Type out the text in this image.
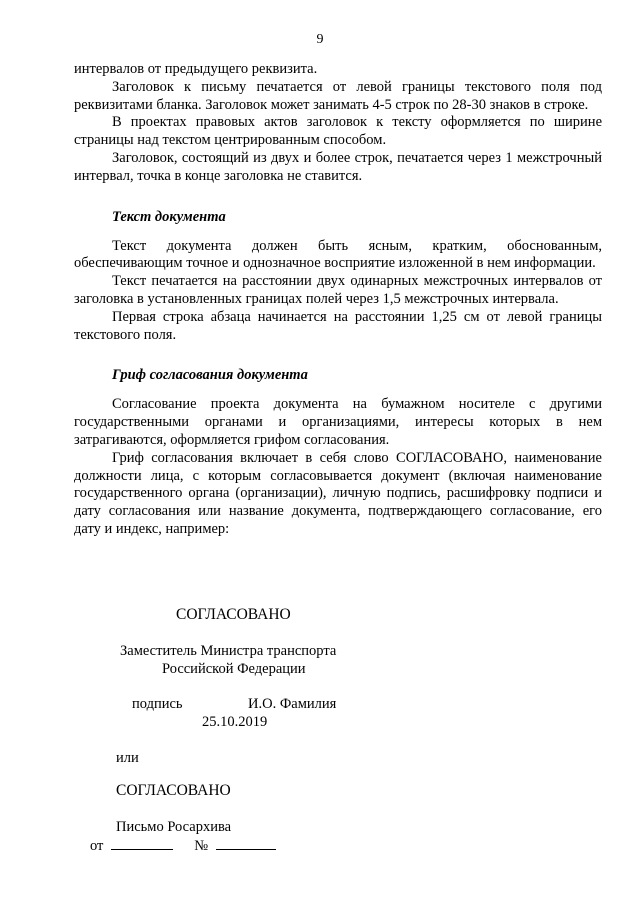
9

интервалов от предыдущего реквизита.

Заголовок к письму печатается от левой границы текстового поля под реквизитами бланка. Заголовок может занимать 4-5 строк по 28-30 знаков в строке.

В проектах правовых актов заголовок к тексту оформляется по ширине страницы над текстом центрированным способом.

Заголовок, состоящий из двух и более строк, печатается через 1 межстрочный интервал, точка в конце заголовка не ставится.

Текст документа

Текст документа должен быть ясным, кратким, обоснованным, обеспечивающим точное и однозначное восприятие изложенной в нем информации.

Текст печатается на расстоянии двух одинарных межстрочных интервалов от заголовка в установленных границах полей через 1,5 межстрочных интервала.

Первая строка абзаца начинается на расстоянии 1,25 см от левой границы текстового поля.

Гриф согласования документа

Согласование проекта документа на бумажном носителе с другими государственными органами и организациями, интересы которых в нем затрагиваются, оформляется грифом согласования.

Гриф согласования включает в себя слово СОГЛАСОВАНО, наименование должности лица, с которым согласовывается документ (включая наименование государственного органа (организации), личную подпись, расшифровку подписи и дату согласования или название документа, подтверждающего согласование, его дату и индекс, например:

СОГЛАСОВАНО
Заместитель Министра транспорта
Российской Федерации
подпись	И.О. Фамилия
25.10.2019
или
СОГЛАСОВАНО
Письмо Росархива
от	№
